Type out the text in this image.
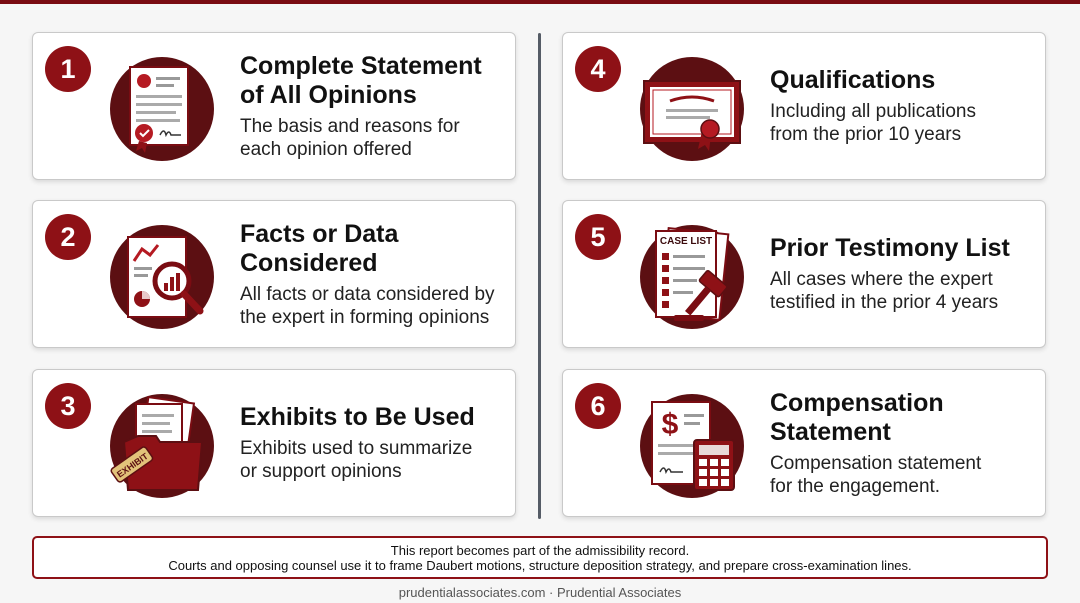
1	Complete Statement
of All Opinions
The basis and reasons for
each opinion offered
2	Facts or Data
Considered
All facts or data considered by
the expert in forming opinions
3
EXHIBIT
Exhibits to Be Used
Exhibits used to summarize
or support opinions
4	Qualifications
Including all publications
from the prior 10 years
5	CASE LIST Prior Testimony List
All cases where the expert
testified in the prior 4 years
6
$
Compensation
Statement
Compensation statement
for the engagement.
This report becomes part of the admissibility record.
Courts and opposing counsel use it to frame Daubert motions, structure deposition strategy, and prepare cross-examination lines.
prudentialassociates.com · Prudential Associates
